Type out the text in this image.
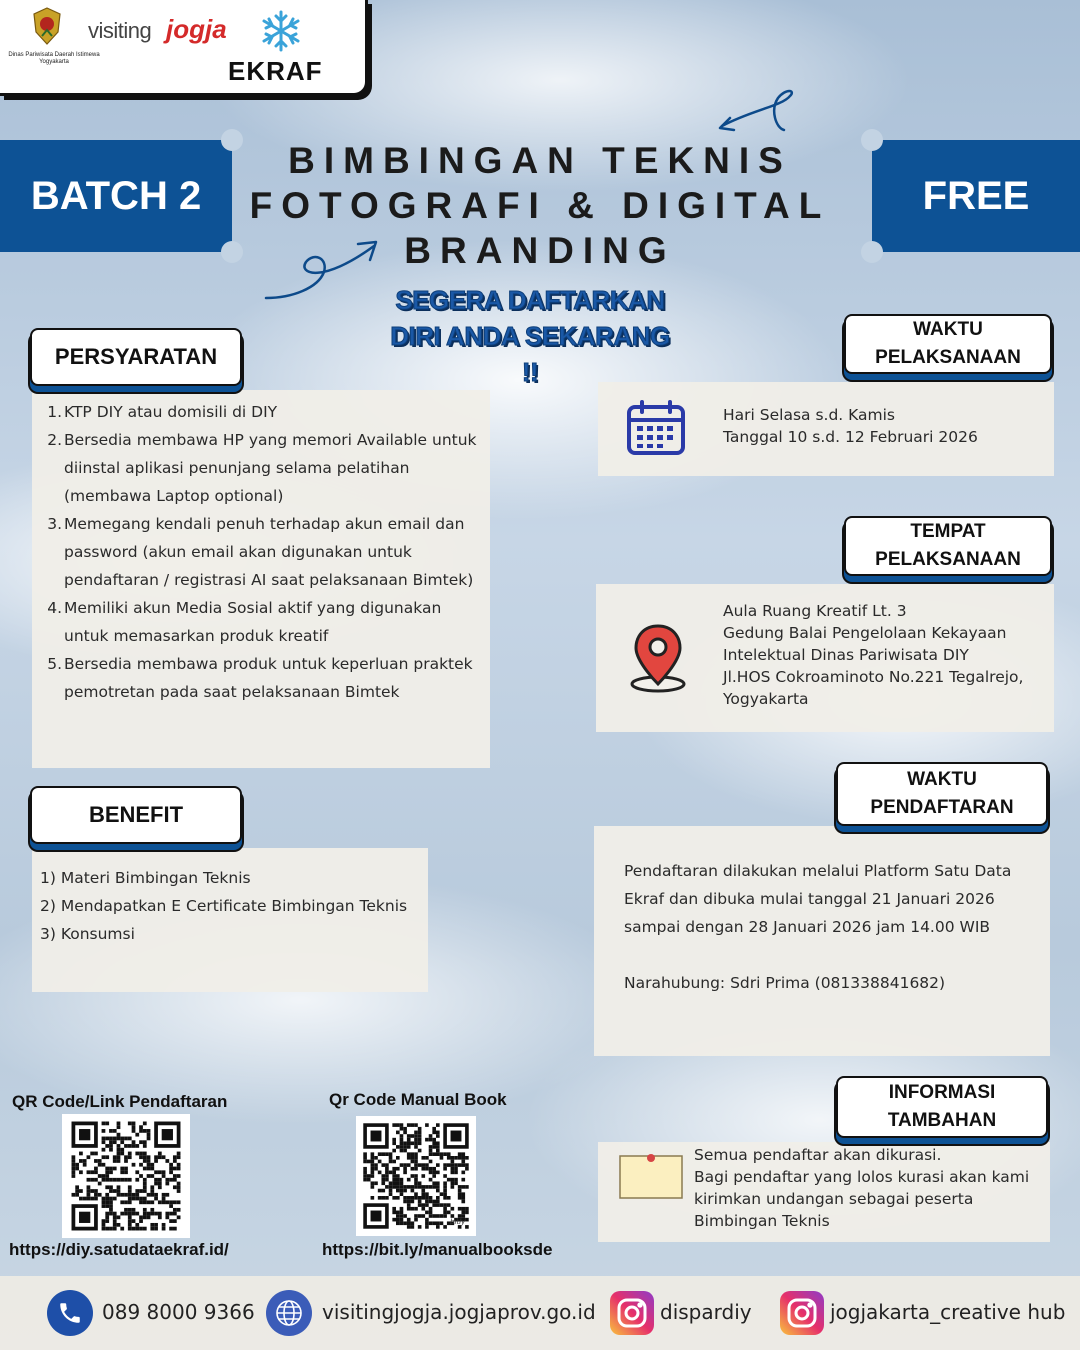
Dinas Pariwisata Daerah Istimewa Yogyakarta
visiting jogja
EKRAF
BATCH 2	FREE
BIMBINGAN TEKNIS
FOTOGRAFI & DIGITAL
BRANDING
SEGERA DAFTARKAN
DIRI ANDA SEKARANG
!!
PERSYARATAN
1. KTP DIY atau domisili di DIY
2. Bersedia membawa HP yang memori Available untuk diinstal aplikasi penunjang selama pelatihan (membawa Laptop optional)
3. Memegang kendali penuh terhadap akun email dan password (akun email akan digunakan untuk pendaftaran / registrasi AI saat pelaksanaan Bimtek)
4. Memiliki akun Media Sosial aktif yang digunakan untuk memasarkan produk kreatif
5. Bersedia membawa produk untuk keperluan praktek pemotretan pada saat pelaksanaan Bimtek
BENEFIT
1) Materi Bimbingan Teknis
2) Mendapatkan E Certificate Bimbingan Teknis
3) Konsumsi
WAKTU
PELAKSANAAN
Hari Selasa s.d. Kamis
Tanggal 10 s.d. 12 Februari 2026
TEMPAT
PELAKSANAAN
Aula Ruang Kreatif Lt. 3
Gedung Balai Pengelolaan Kekayaan
Intelektual Dinas Pariwisata DIY
Jl.HOS Cokroaminoto No.221 Tegalrejo,
Yogyakarta
WAKTU
PENDAFTARAN
Pendaftaran dilakukan melalui Platform Satu Data Ekraf dan dibuka mulai tanggal 21 Januari 2026 sampai dengan 28 Januari 2026 jam 14.00 WIB
Narahubung: Sdri Prima (081338841682)
INFORMASI
TAMBAHAN
Semua pendaftar akan dikurasi.
Bagi pendaftar yang lolos kurasi akan kami
kirimkan undangan sebagai peserta
Bimbingan Teknis
QR Code/Link Pendaftaran
https://diy.satudataekraf.id/
Qr Code Manual Book
bitly
https://bit.ly/manualbooksde
089 8000 9366	visitingjogja.jogjaprov.go.id	dispardiy	jogjakarta_creative hub
